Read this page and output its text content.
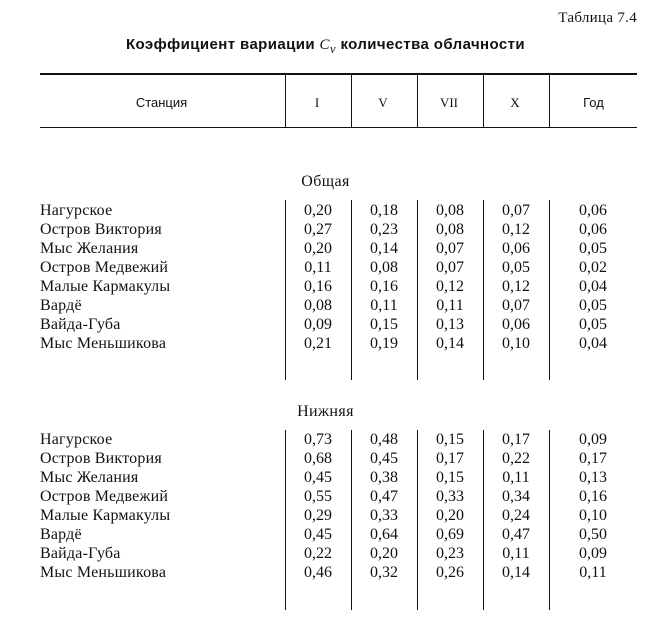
Таблица 7.4
Коэффициент вариации $C_v$ количества облачности
Станция	I	V	VII	X	Год
Общая
Нагурское	0,20	0,18	0,08	0,07	0,06
Остров Виктория	0,27	0,23	0,08	0,12	0,06
Мыс Желания	0,20	0,14	0,07	0,06	0,05
Остров Медвежий	0,11	0,08	0,07	0,05	0,02
Малые Кармакулы	0,16	0,16	0,12	0,12	0,04
Вардё	0,08	0,11	0,11	0,07	0,05
Вайда-Губа	0,09	0,15	0,13	0,06	0,05
Мыс Меньшикова	0,21	0,19	0,14	0,10	0,04
Нижняя
Нагурское	0,73	0,48	0,15	0,17	0,09
Остров Виктория	0,68	0,45	0,17	0,22	0,17
Мыс Желания	0,45	0,38	0,15	0,11	0,13
Остров Медвежий	0,55	0,47	0,33	0,34	0,16
Малые Кармакулы	0,29	0,33	0,20	0,24	0,10
Вардё	0,45	0,64	0,69	0,47	0,50
Вайда-Губа	0,22	0,20	0,23	0,11	0,09
Мыс Меньшикова	0,46	0,32	0,26	0,14	0,11
